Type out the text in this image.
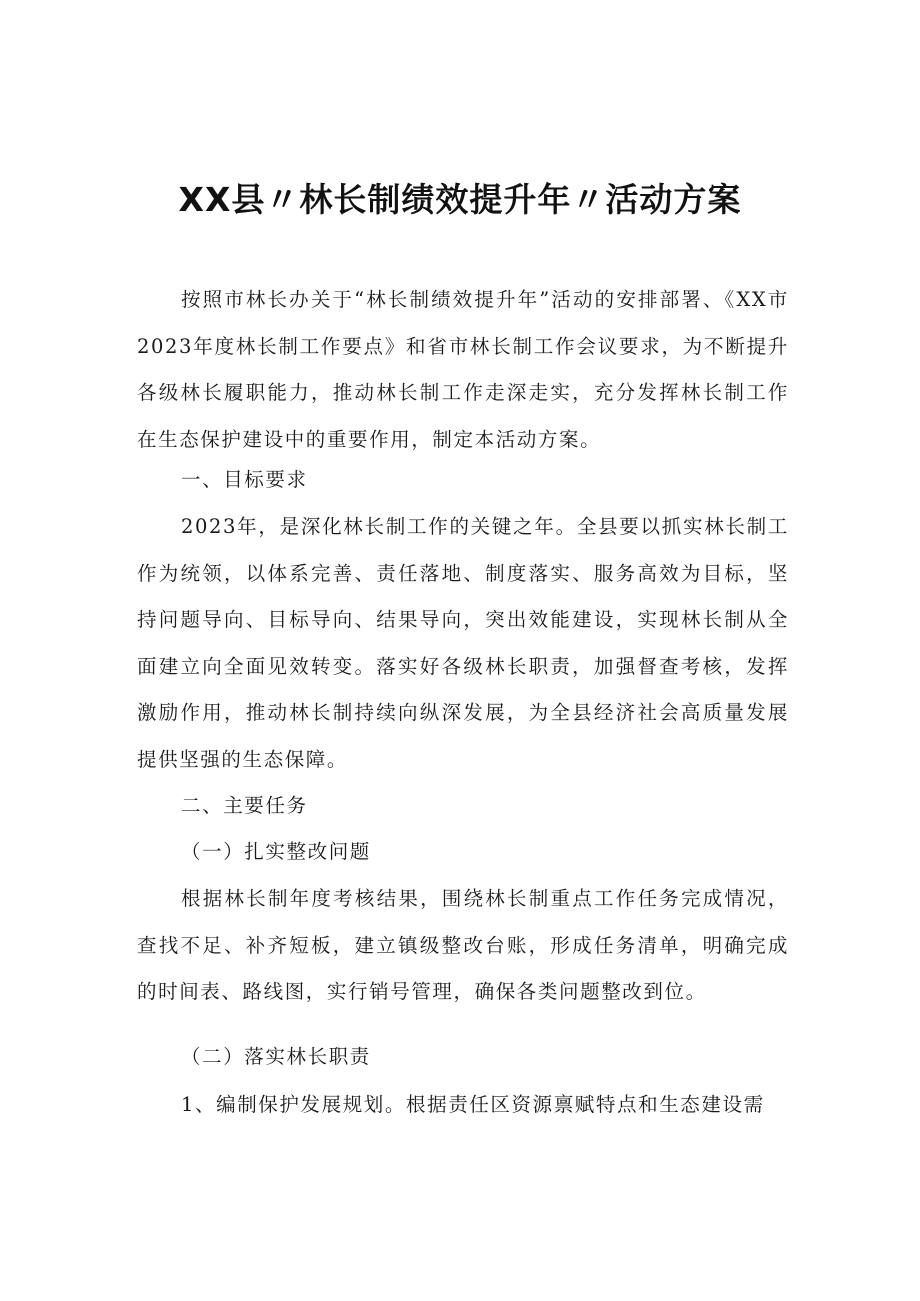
XX县〃林长制绩效提升年〃活动方案

按照市林长办关于“林长制绩效提升年”活动的安排部署、《XX市2023年度林长制工作要点》和省市林长制工作会议要求，为不断提升各级林长履职能力，推动林长制工作走深走实，充分发挥林长制工作在生态保护建设中的重要作用，制定本活动方案。

一、目标要求

2023年，是深化林长制工作的关键之年。全县要以抓实林长制工作为统领，以体系完善、责任落地、制度落实、服务高效为目标，坚持问题导向、目标导向、结果导向，突出效能建设，实现林长制从全面建立向全面见效转变。落实好各级林长职责，加强督查考核，发挥激励作用，推动林长制持续向纵深发展，为全县经济社会高质量发展提供坚强的生态保障。

二、主要任务

（一）扎实整改问题

根据林长制年度考核结果，围绕林长制重点工作任务完成情况，查找不足、补齐短板，建立镇级整改台账，形成任务清单，明确完成的时间表、路线图，实行销号管理，确保各类问题整改到位。

（二）落实林长职责

1、编制保护发展规划。根据责任区资源禀赋特点和生态建设需
